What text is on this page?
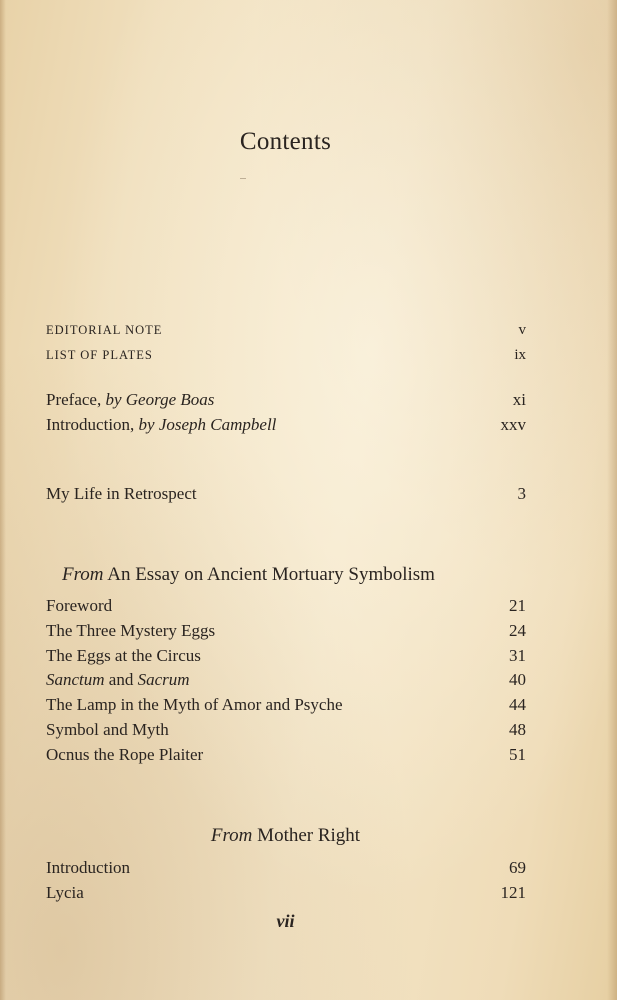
Contents
EDITORIAL NOTE	v
LIST OF PLATES	ix
Preface, by George Boas	xi
Introduction, by Joseph Campbell	xxv
My Life in Retrospect	3
From An Essay on Ancient Mortuary Symbolism
Foreword	21
The Three Mystery Eggs	24
The Eggs at the Circus	31
Sanctum and Sacrum	40
The Lamp in the Myth of Amor and Psyche	44
Symbol and Myth	48
Ocnus the Rope Plaiter	51
From Mother Right
Introduction	69
Lycia	121
vii
